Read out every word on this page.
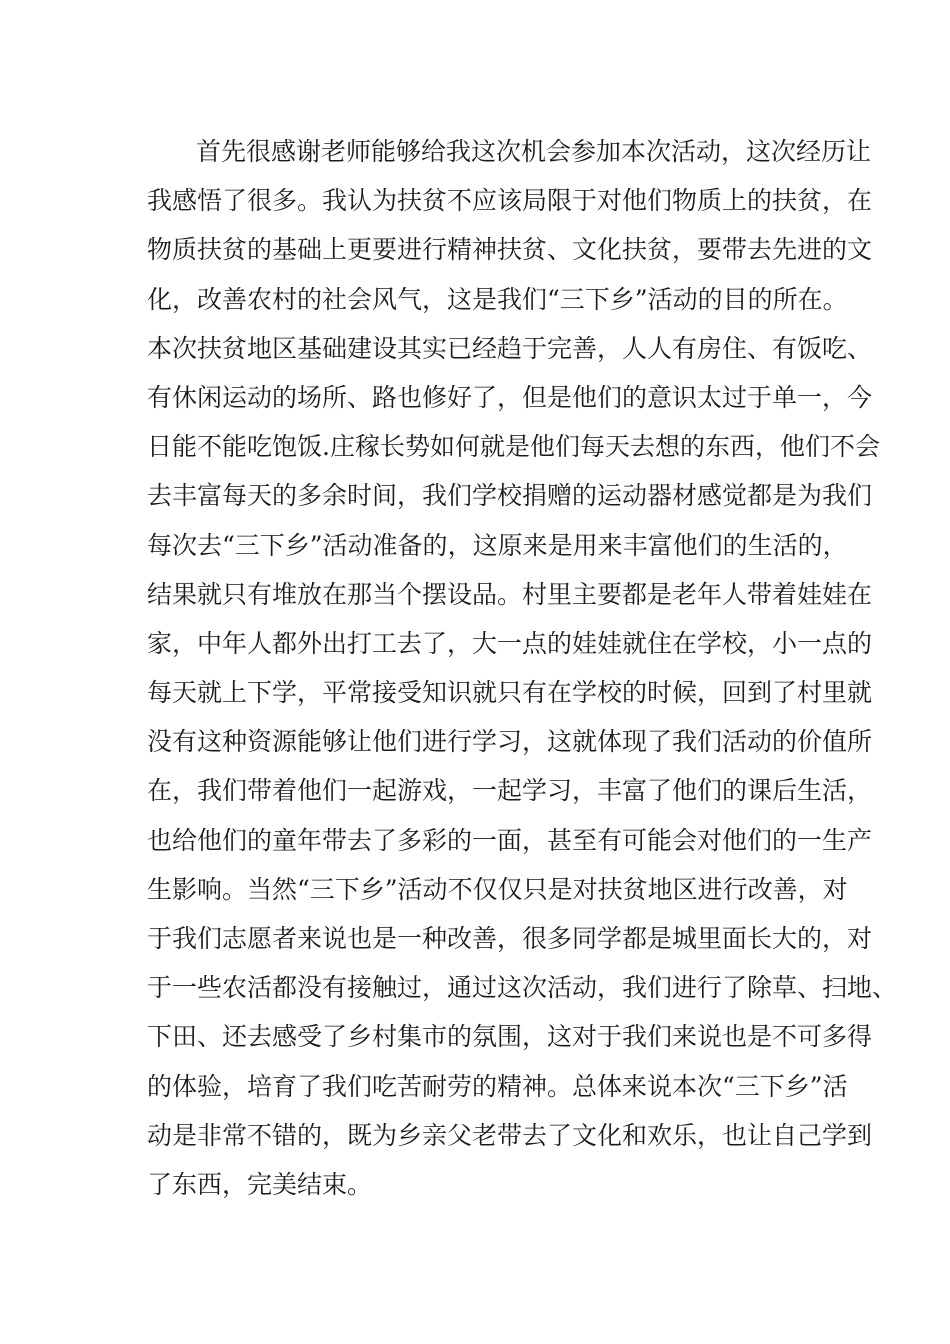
首先很感谢老师能够给我这次机会参加本次活动，这次经历让
我感悟了很多。我认为扶贫不应该局限于对他们物质上的扶贫，在
物质扶贫的基础上更要进行精神扶贫、文化扶贫，要带去先进的文
化，改善农村的社会风气，这是我们“三下乡”活动的目的所在。
本次扶贫地区基础建设其实已经趋于完善，人人有房住、有饭吃、
有休闲运动的场所、路也修好了，但是他们的意识太过于单一，今
日能不能吃饱饭.庄稼长势如何就是他们每天去想的东西，他们不会
去丰富每天的多余时间，我们学校捐赠的运动器材感觉都是为我们
每次去“三下乡”活动准备的，这原来是用来丰富他们的生活的，
结果就只有堆放在那当个摆设品。村里主要都是老年人带着娃娃在
家，中年人都外出打工去了，大一点的娃娃就住在学校，小一点的
每天就上下学，平常接受知识就只有在学校的时候，回到了村里就
没有这种资源能够让他们进行学习，这就体现了我们活动的价值所
在，我们带着他们一起游戏，一起学习，丰富了他们的课后生活，
也给他们的童年带去了多彩的一面，甚至有可能会对他们的一生产
生影响。当然“三下乡”活动不仅仅只是对扶贫地区进行改善，对
于我们志愿者来说也是一种改善，很多同学都是城里面长大的，对
于一些农活都没有接触过，通过这次活动，我们进行了除草、扫地、
下田、还去感受了乡村集市的氛围，这对于我们来说也是不可多得
的体验，培育了我们吃苦耐劳的精神。总体来说本次“三下乡”活
动是非常不错的，既为乡亲父老带去了文化和欢乐，也让自己学到
了东西，完美结束。
